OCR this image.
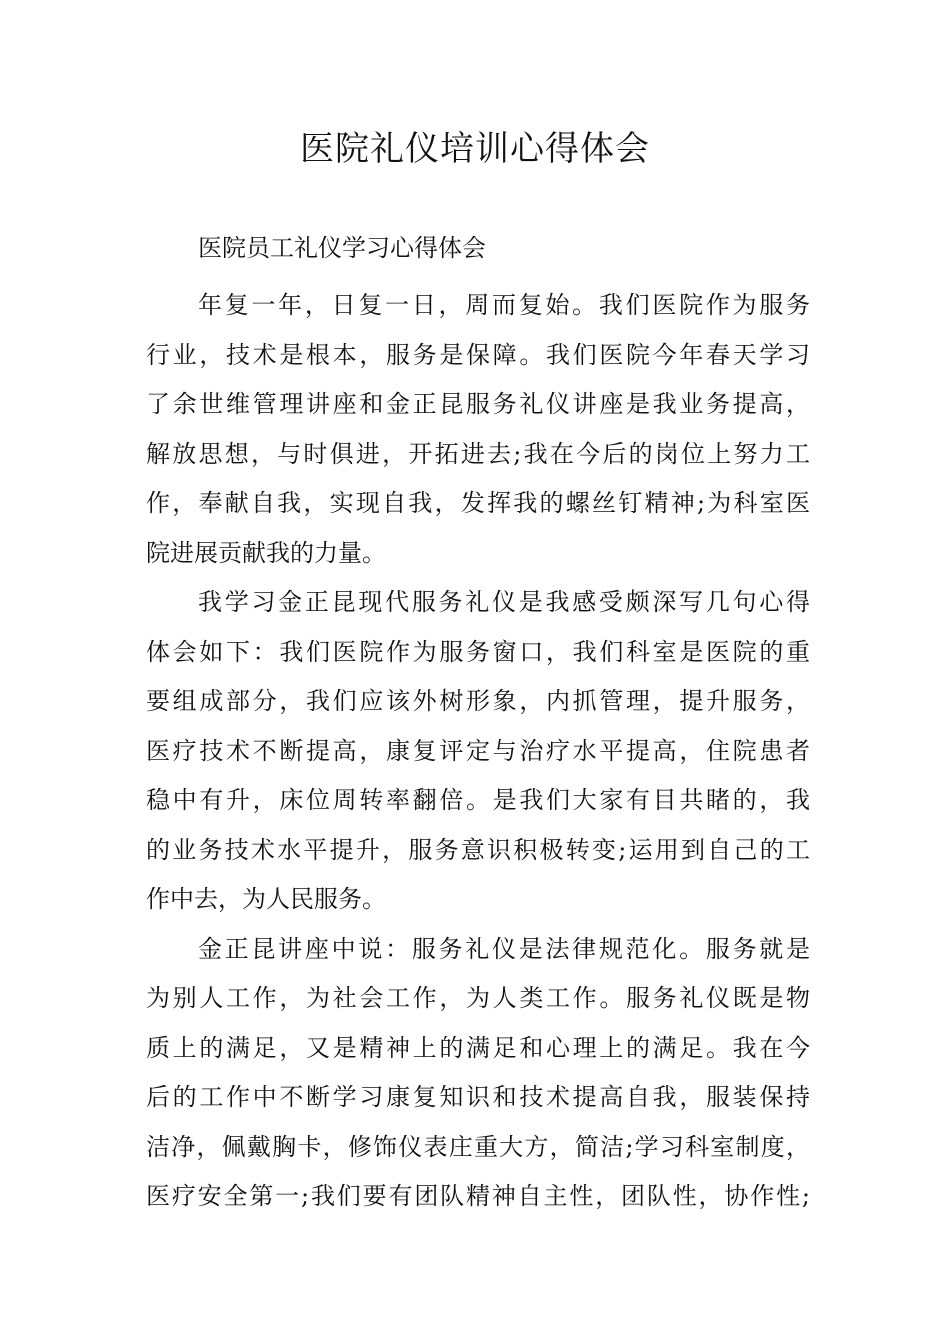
医院礼仪培训心得体会

医院员工礼仪学习心得体会

年复一年，日复一日，周而复始。我们医院作为服务
行业，技术是根本，服务是保障。我们医院今年春天学习
了余世维管理讲座和金正昆服务礼仪讲座是我业务提高，
解放思想，与时俱进，开拓进去;我在今后的岗位上努力工
作，奉献自我，实现自我，发挥我的螺丝钉精神;为科室医
院进展贡献我的力量。
我学习金正昆现代服务礼仪是我感受颇深写几句心得
体会如下：我们医院作为服务窗口，我们科室是医院的重
要组成部分，我们应该外树形象，内抓管理，提升服务，
医疗技术不断提高，康复评定与治疗水平提高，住院患者
稳中有升，床位周转率翻倍。是我们大家有目共睹的，我
的业务技术水平提升，服务意识积极转变;运用到自己的工
作中去，为人民服务。
金正昆讲座中说：服务礼仪是法律规范化。服务就是
为别人工作，为社会工作，为人类工作。服务礼仪既是物
质上的满足，又是精神上的满足和心理上的满足。我在今
后的工作中不断学习康复知识和技术提高自我，服装保持
洁净，佩戴胸卡，修饰仪表庄重大方，简洁;学习科室制度，
医疗安全第一;我们要有团队精神自主性，团队性，协作性;
